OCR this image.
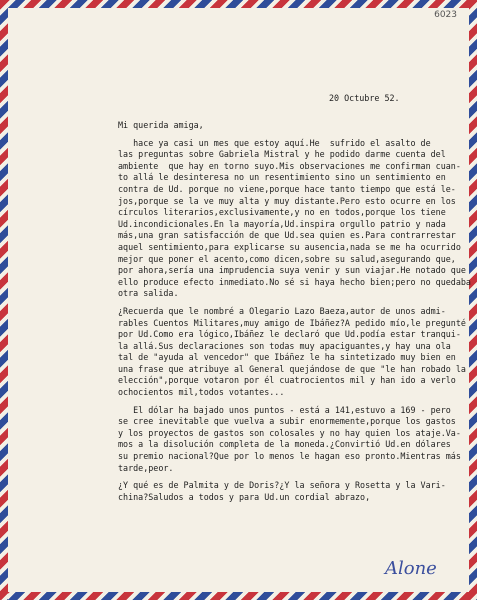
6023
20 Octubre 52.
Mi querida amiga,
hace ya casi un mes que estoy aquí.He  sufrido el asalto de
las preguntas sobre Gabriela Mistral y he podido darme cuenta del
ambiente  que hay en torno suyo.Mis observaciones me confirman cuan-
to allá le desinteresa no un resentimiento sino un sentimiento en
contra de Ud. porque no viene,porque hace tanto tiempo que está le-
jos,porque se la ve muy alta y muy distante.Pero esto ocurre en los
círculos literarios,exclusivamente,y no en todos,porque los tiene
Ud.incondicionales.En la mayoría,Ud.inspira orgullo patrio y nada
más,una gran satisfacción de que Ud.sea quien es.Para contrarrestar
aquel sentimiento,para explicarse su ausencia,nada se me ha ocurrido
mejor que poner el acento,como dicen,sobre su salud,asegurando que,
por ahora,sería una imprudencia suya venir y sun viajar.He notado que
ello produce efecto inmediato.No sé si haya hecho bien;pero no quedaba
otra salida.
¿Recuerda que le nombré a Olegario Lazo Baeza,autor de unos admi-
rables Cuentos Militares,muy amigo de Ibáñez?A pedido mío,le pregunté
por Ud.Como era lógico,Ibáñez le declaró que Ud.podía estar tranqui-
la allá.Sus declaraciones son todas muy apaciguantes,y hay una ola
tal de "ayuda al vencedor" que Ibáñez le ha sintetizado muy bien en
una frase que atribuye al General quejándose de que "le han robado la
elección",porque votaron por él cuatrocientos mil y han ido a verlo
ochocientos mil,todos votantes...
El dólar ha bajado unos puntos - está a 141,estuvo a 169 - pero
se cree inevitable que vuelva a subir enormemente,porque los gastos
y los proyectos de gastos son colosales y no hay quien los ataje.Va-
mos a la disolución completa de la moneda.¿Convirtió Ud.en dólares
su premio nacional?Que por lo menos le hagan eso pronto.Mientras más
tarde,peor.
¿Y qué es de Palmita y de Doris?¿Y la señora y Rosetta y la Vari-
china?Saludos a todos y para Ud.un cordial abrazo,
Alone
